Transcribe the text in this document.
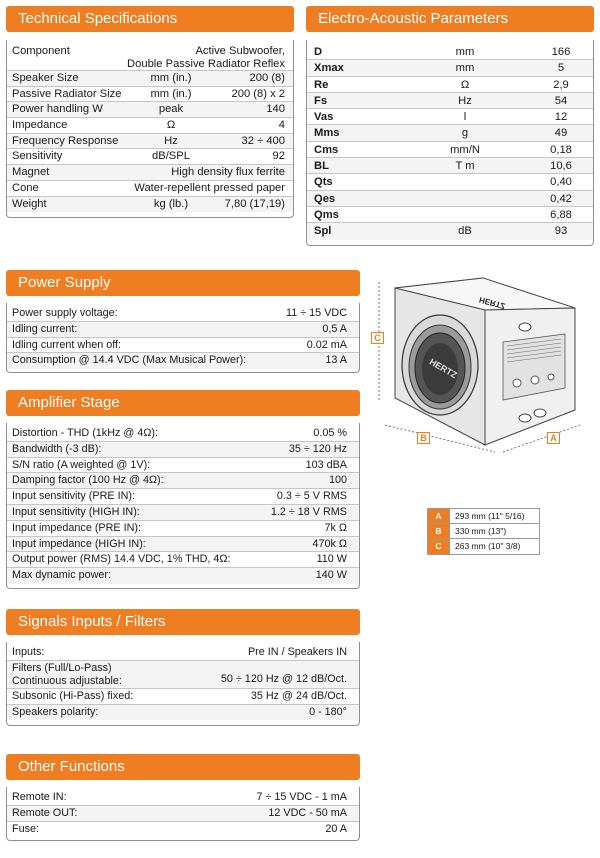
Technical Specifications
Component	Active Subwoofer,
Double Passive Radiator Reflex
Speaker Size	mm (in.)	200 (8)
Passive Radiator Size	mm (in.)	200 (8) x 2
Power handling W	peak	140
Impedance	Ω	4
Frequency Response	Hz	32 ÷ 400
Sensitivity	dB/SPL	92
Magnet	High density flux ferrite
Cone	Water-repellent pressed paper
Weight	kg (lb.)	7,80 (17,19)
Electro-Acoustic Parameters
D	mm	166
Xmax	mm	5
Re	Ω	2,9
Fs	Hz	54
Vas	l	12
Mms	g	49
Cms	mm/N	0,18
BL	T m	10,6
Qts	0,40
Qes	0,42
Qms	6,88
Spl	dB	93
Power Supply
Power supply voltage:	11 ÷ 15 VDC
Idling current:	0,5 A
Idling current when off:	0.02 mA
Consumption @ 14.4 VDC (Max Musical Power):	13 A
Amplifier Stage
Distortion - THD (1kHz @ 4Ω):	0.05 %
Bandwidth (-3 dB):	35 ÷ 120 Hz
S/N ratio (A weighted @ 1V):	103 dBA
Damping factor (100 Hz @ 4Ω):	100
Input sensitivity (PRE IN):	0.3 ÷ 5 V RMS
Input sensitivity (HIGH IN):	1.2 ÷ 18 V RMS
Input impedance (PRE IN):	7k Ω
Input impedance (HIGH IN):	470k Ω
Output power (RMS) 14.4 VDC, 1% THD, 4Ω:	110 W
Max dynamic power:	140 W
Signals Inputs / Filters
Inputs:	Pre IN / Speakers IN
Filters (Full/Lo-Pass)
Continuous adjustable:	50 ÷ 120 Hz @ 12 dB/Oct.
Subsonic (Hi-Pass) fixed:	35 Hz @ 24 dB/Oct.
Speakers polarity:	0 - 180°
Other Functions
Remote IN:	7 ÷ 15 VDC - 1 mA
Remote OUT:	12 VDC - 50 mA
Fuse:	20 A
HERTZ
HERTZ
C
B	A
A	293 mm (11" 5/16)
B	330 mm (13")
C	263 mm (10" 3/8)
